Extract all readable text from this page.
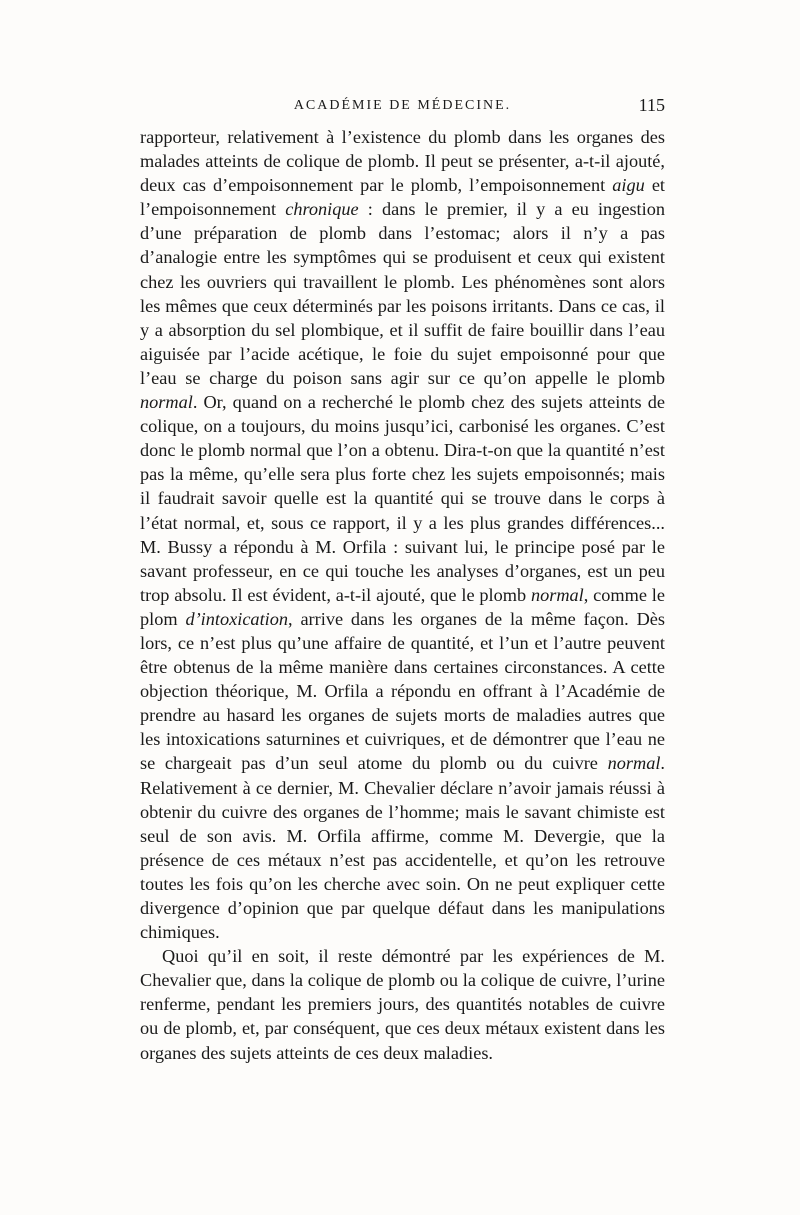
ACADÉMIE DE MÉDECINE.	115

rapporteur, relativement à l’existence du plomb dans les organes des malades atteints de colique de plomb. Il peut se présenter, a-t-il ajouté, deux cas d’empoisonnement par le plomb, l’empoisonnement aigu et l’empoisonnement chronique : dans le premier, il y a eu ingestion d’une préparation de plomb dans l’estomac; alors il n’y a pas d’analogie entre les symptômes qui se produisent et ceux qui existent chez les ouvriers qui travaillent le plomb. Les phénomènes sont alors les mêmes que ceux déterminés par les poisons irritants. Dans ce cas, il y a absorption du sel plombique, et il suffit de faire bouillir dans l’eau aiguisée par l’acide acétique, le foie du sujet empoisonné pour que l’eau se charge du poison sans agir sur ce qu’on appelle le plomb normal. Or, quand on a recherché le plomb chez des sujets atteints de colique, on a toujours, du moins jusqu’ici, carbonisé les organes. C’est donc le plomb normal que l’on a obtenu. Dira-t-on que la quantité n’est pas la même, qu’elle sera plus forte chez les sujets empoisonnés; mais il faudrait savoir quelle est la quantité qui se trouve dans le corps à l’état normal, et, sous ce rapport, il y a les plus grandes différences... M. Bussy a répondu à M. Orfila : suivant lui, le principe posé par le savant professeur, en ce qui touche les analyses d’organes, est un peu trop absolu. Il est évident, a-t-il ajouté, que le plomb normal, comme le plom d’intoxication, arrive dans les organes de la même façon. Dès lors, ce n’est plus qu’une affaire de quantité, et l’un et l’autre peuvent être obtenus de la même manière dans certaines circonstances. A cette objection théorique, M. Orfila a répondu en offrant à l’Académie de prendre au hasard les organes de sujets morts de maladies autres que les intoxications saturnines et cuivriques, et de démontrer que l’eau ne se chargeait pas d’un seul atome du plomb ou du cuivre normal. Relativement à ce dernier, M. Chevalier déclare n’avoir jamais réussi à obtenir du cuivre des organes de l’homme; mais le savant chimiste est seul de son avis. M. Orfila affirme, comme M. Devergie, que la présence de ces métaux n’est pas accidentelle, et qu’on les retrouve toutes les fois qu’on les cherche avec soin. On ne peut expliquer cette divergence d’opinion que par quelque défaut dans les manipulations chimiques.

Quoi qu’il en soit, il reste démontré par les expériences de M. Chevalier que, dans la colique de plomb ou la colique de cuivre, l’urine renferme, pendant les premiers jours, des quantités notables de cuivre ou de plomb, et, par conséquent, que ces deux métaux existent dans les organes des sujets atteints de ces deux maladies.
